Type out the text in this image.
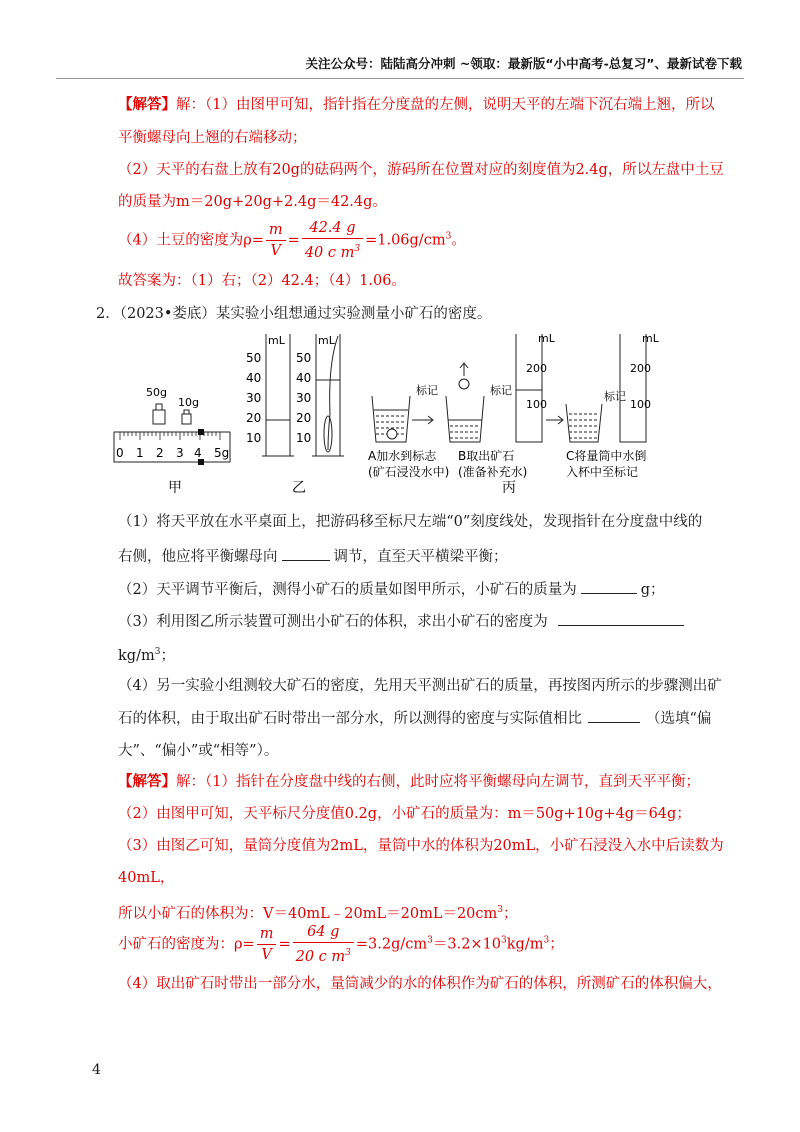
关注公众号：陆陆高分冲刺 ~领取：最新版“小中高考-总复习”、最新试卷下载
【解答】解：（1）由图甲可知，指针指在分度盘的左侧，说明天平的左端下沉右端上翘，所以
平衡螺母向上翘的右端移动；
（2）天平的右盘上放有20g的砝码两个，游码所在位置对应的刻度值为2.4g，所以左盘中土豆
的质量为m＝20g+20g+2.4g＝42.4g。
（4）土豆的密度为$\rho= \frac{m}{V} = \frac{42.4 g}{40 c m^3} =1.06g/cm^3$。
故答案为：（1）右；（2）42.4；（4）1.06。
2．（2023•娄底）某实验小组想通过实验测量小矿石的密度。
50g
10g
0 1 2 3 4 5g
甲
mL
50
40
30
20
10
mL
50
40
30
20
10
乙
标记	标记
mL
200
100
标记
mL
200
100
A加水到标志
(矿石浸没水中)
B取出矿石
(准备补充水)
C将量筒中水倒
入杯中至标记
丙
（1）将天平放在水平桌面上，把游码移至标尺左端“0”刻度线处，发现指针在分度盘中线的
右侧，他应将平衡螺母向	调节，直至天平横梁平衡；
（2）天平调节平衡后，测得小矿石的质量如图甲所示，小矿石的质量为	g；
（3）利用图乙所示装置可测出小矿石的体积，求出小矿石的密度为
$kg/m^3$；
（4）另一实验小组测较大矿石的密度，先用天平测出矿石的质量，再按图丙所示的步骤测出矿
石的体积，由于取出矿石时带出一部分水，所以测得的密度与实际值相比	（选填“偏
大”、“偏小”或“相等”）。
【解答】解：（1）指针在分度盘中线的右侧，此时应将平衡螺母向左调节，直到天平平衡；
（2）由图甲可知，天平标尺分度值0.2g，小矿石的质量为：m＝50g+10g+4g＝64g；
（3）由图乙可知，量筒分度值为2mL，量筒中水的体积为20mL，小矿石浸没入水中后读数为
40mL，
所以小矿石的体积为：$V=40mL﹣20mL=20mL=20cm^3$；
小矿石的密度为：$\rho= \frac{m}{V} = \frac{64 g}{20 c m^3} =3.2g/cm^3=3.2\times 10^3kg/m^3$；
（4）取出矿石时带出一部分水，量筒减少的水的体积作为矿石的体积，所测矿石的体积偏大，
4
